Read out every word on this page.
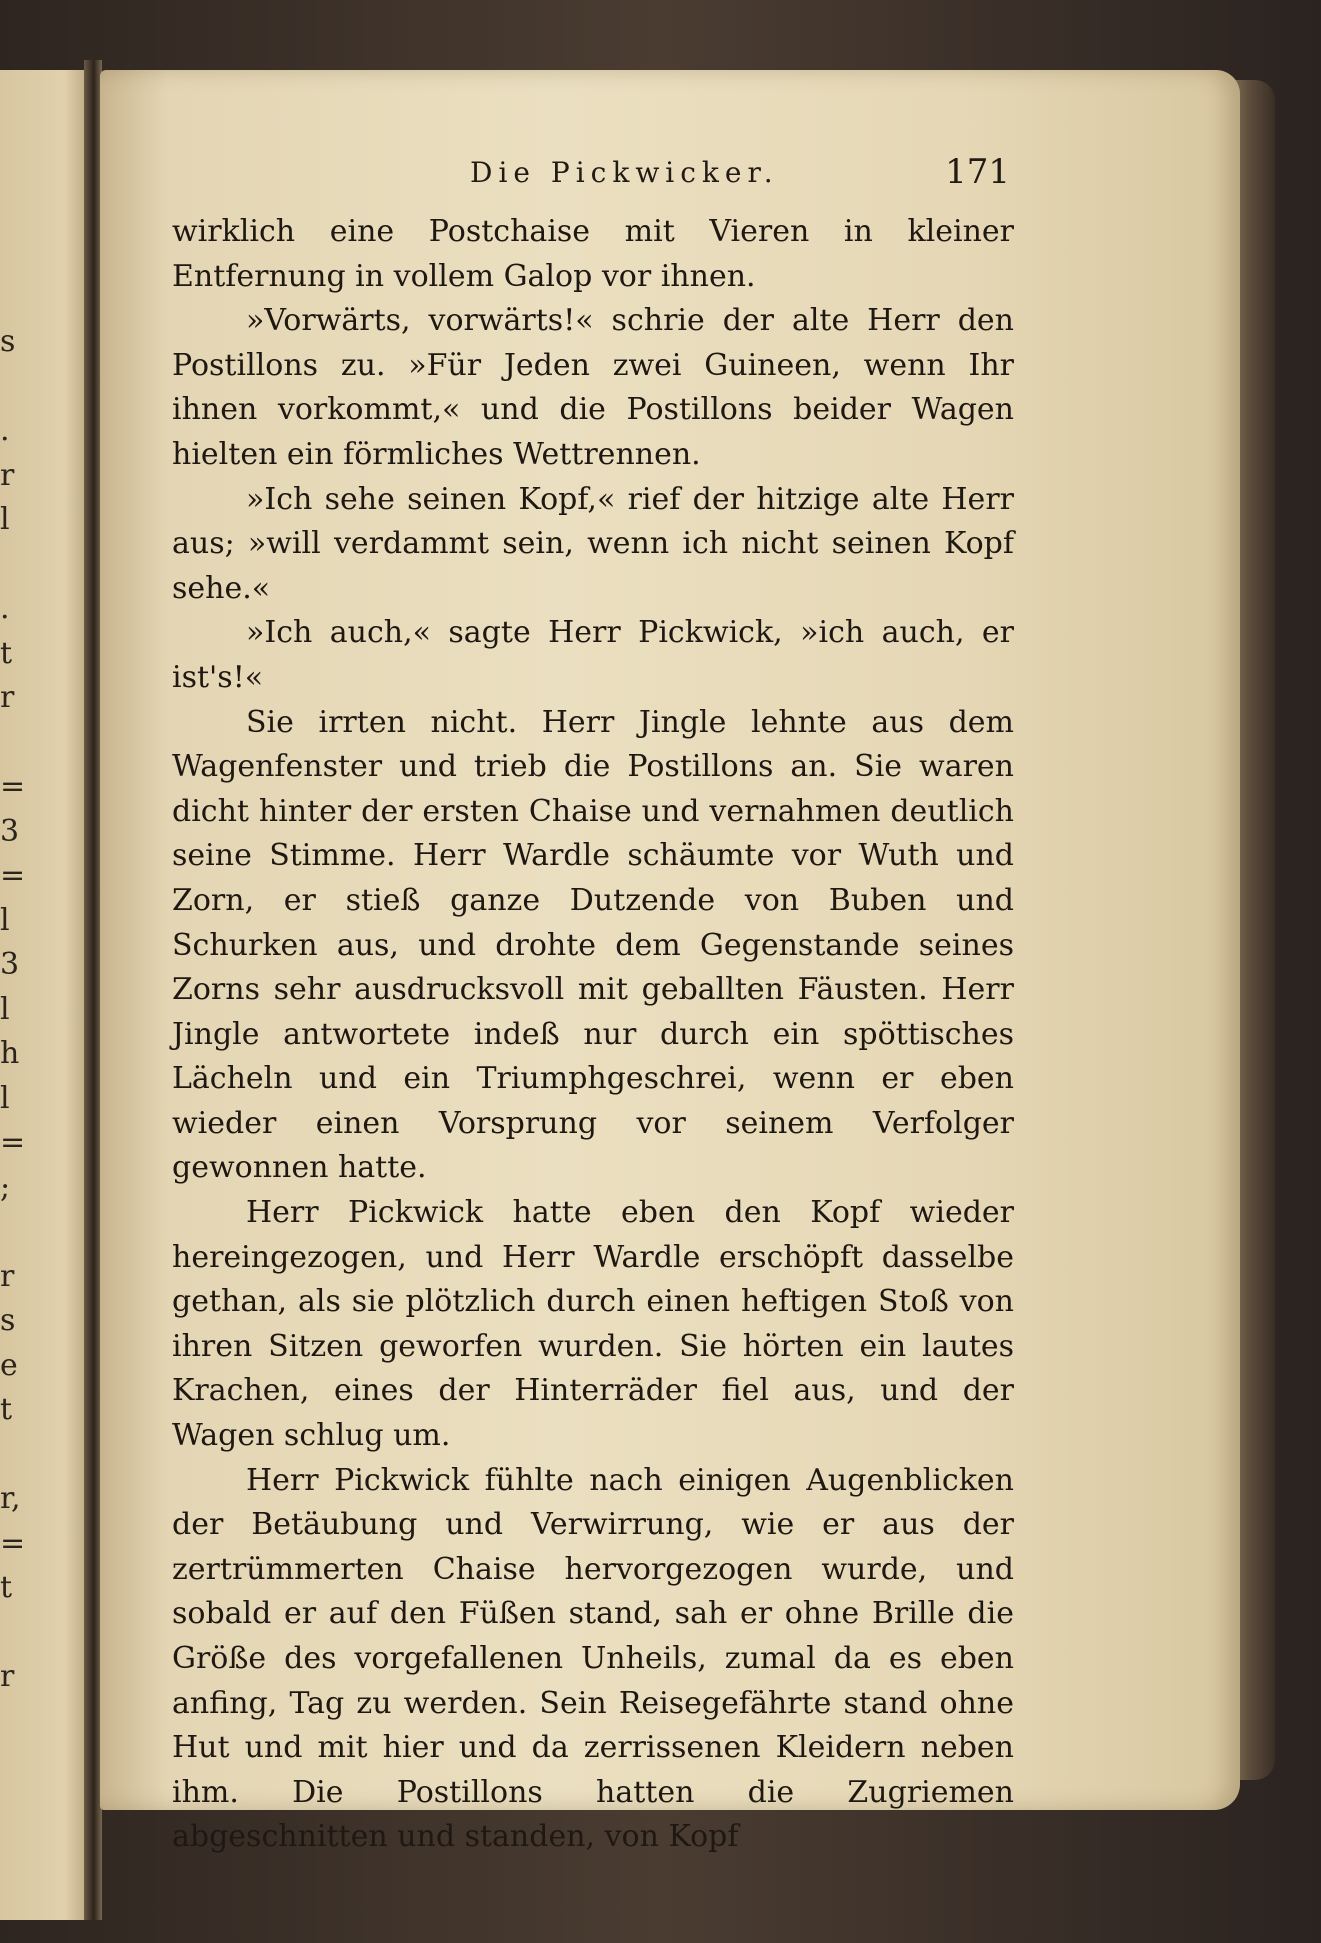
s

.
r
l

.
t
r

=
3
=
l
3
l
h
l
=
;

r
s
e
t

r,
=
t

r
Die Pickwicker.	171

wirklich eine Postchaise mit Vieren in kleiner Entfernung in vollem Galop vor ihnen.

»Vorwärts, vorwärts!« schrie der alte Herr den Postillons zu. »Für Jeden zwei Guineen, wenn Ihr ihnen vorkommt,« und die Postillons beider Wagen hielten ein förmliches Wettrennen.

»Ich sehe seinen Kopf,« rief der hitzige alte Herr aus; »will verdammt sein, wenn ich nicht seinen Kopf sehe.«

»Ich auch,« sagte Herr Pickwick, »ich auch, er ist's!«

Sie irrten nicht. Herr Jingle lehnte aus dem Wagenfenster und trieb die Postillons an. Sie waren dicht hinter der ersten Chaise und vernahmen deutlich seine Stimme. Herr Wardle schäumte vor Wuth und Zorn, er stieß ganze Dutzende von Buben und Schurken aus, und drohte dem Gegenstande seines Zorns sehr ausdrucksvoll mit geballten Fäusten. Herr Jingle antwortete indeß nur durch ein spöttisches Lächeln und ein Triumphgeschrei, wenn er eben wieder einen Vorsprung vor seinem Verfolger gewonnen hatte.

Herr Pickwick hatte eben den Kopf wieder hereingezogen, und Herr Wardle erschöpft dasselbe gethan, als sie plötzlich durch einen heftigen Stoß von ihren Sitzen geworfen wurden. Sie hörten ein lautes Krachen, eines der Hinterräder fiel aus, und der Wagen schlug um.

Herr Pickwick fühlte nach einigen Augenblicken der Betäubung und Verwirrung, wie er aus der zertrümmerten Chaise hervorgezogen wurde, und sobald er auf den Füßen stand, sah er ohne Brille die Größe des vorgefallenen Unheils, zumal da es eben anfing, Tag zu werden. Sein Reisegefährte stand ohne Hut und mit hier und da zerrissenen Kleidern neben ihm. Die Postillons hatten die Zugriemen abgeschnitten und standen, von Kopf
